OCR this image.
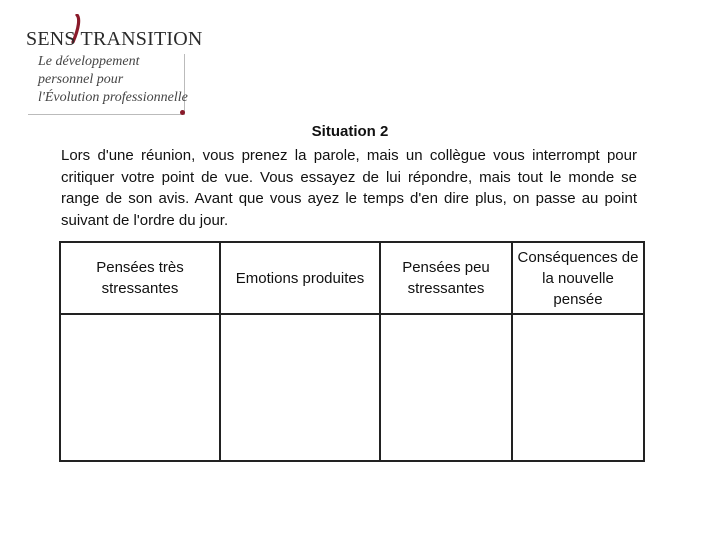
SENS TRANSITION
Le développement
personnel pour
l'Évolution professionnelle
Situation 2
Lors d'une réunion, vous prenez la parole, mais un collègue vous interrompt pour critiquer votre point de vue. Vous essayez de lui répondre, mais tout le monde se range de son avis. Avant que vous ayez le temps d'en dire plus, on passe au point suivant de l'ordre du jour.
Pensées très stressantes	Emotions produites	Pensées peu stressantes	Conséquences de la nouvelle pensée
